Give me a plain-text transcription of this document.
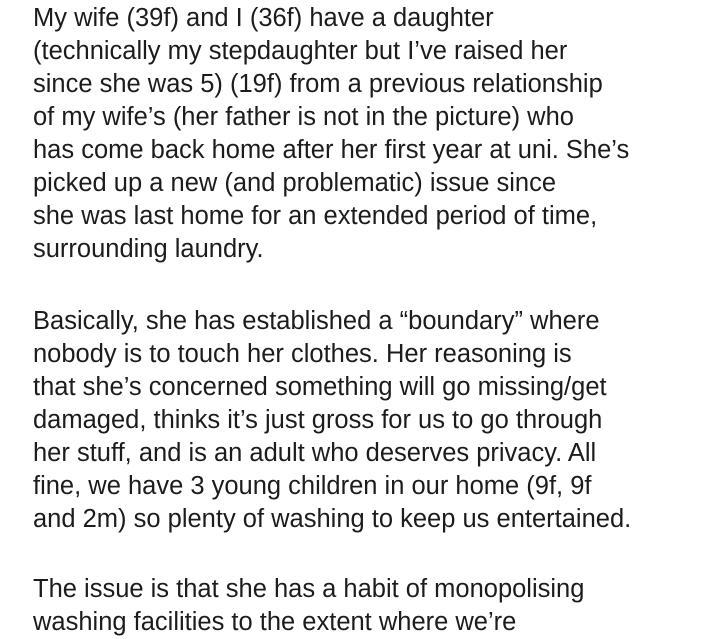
My wife (39f) and I (36f) have a daughter
(technically my stepdaughter but I’ve raised her
since she was 5) (19f) from a previous relationship
of my wife’s (her father is not in the picture) who
has come back home after her first year at uni. She’s
picked up a new (and problematic) issue since
she was last home for an extended period of time,
surrounding laundry.

Basically, she has established a “boundary” where
nobody is to touch her clothes. Her reasoning is
that she’s concerned something will go missing/get
damaged, thinks it’s just gross for us to go through
her stuff, and is an adult who deserves privacy. All
fine, we have 3 young children in our home (9f, 9f
and 2m) so plenty of washing to keep us entertained.

The issue is that she has a habit of monopolising
washing facilities to the extent where we’re
